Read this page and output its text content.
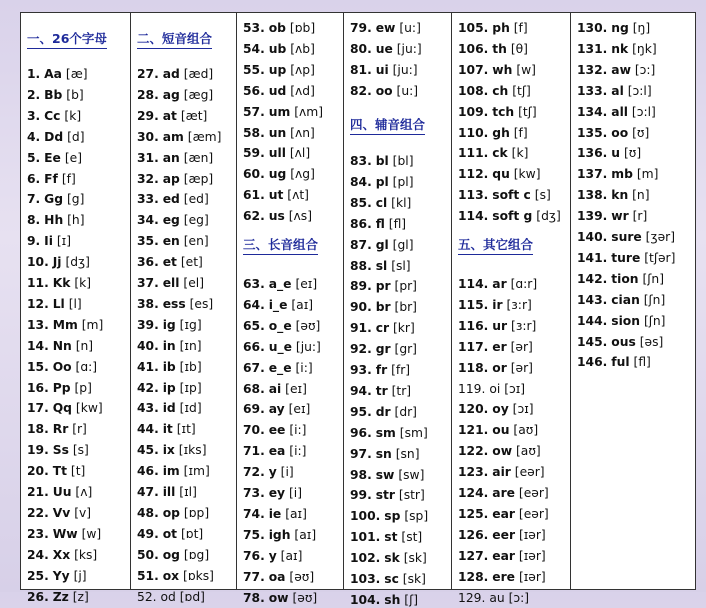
一、26个字母
1. Aa [æ]
2. Bb [b]
3. Cc [k]
4. Dd [d]
5. Ee [e]
6. Ff [f]
7. Gg [g]
8. Hh [h]
9. Ii [ɪ]
10. Jj [dʒ]
11. Kk [k]
12. Ll [l]
13. Mm [m]
14. Nn [n]
15. Oo [ɑ:]
16. Pp [p]
17. Qq [kw]
18. Rr [r]
19. Ss [s]
20. Tt [t]
21. Uu [ʌ]
22. Vv [v]
23. Ww [w]
24. Xx [ks]
25. Yy [j]
26. Zz [z]
二、短音组合
27. ad [æd]
28. ag [æg]
29. at [æt]
30. am [æm]
31. an [æn]
32. ap [æp]
33. ed [ed]
34. eg [eg]
35. en [en]
36. et [et]
37. ell [el]
38. ess [es]
39. ig [ɪg]
40. in [ɪn]
41. ib [ɪb]
42. ip [ɪp]
43. id [ɪd]
44. it [ɪt]
45. ix [ɪks]
46. im [ɪm]
47. ill [ɪl]
48. op [ɒp]
49. ot [ɒt]
50. og [ɒg]
51. ox [ɒks]
52. od [ɒd]
53. ob [ɒb]
54. ub [ʌb]
55. up [ʌp]
56. ud [ʌd]
57. um [ʌm]
58. un [ʌn]
59. ull [ʌl]
60. ug [ʌg]
61. ut [ʌt]
62. us [ʌs]
三、长音组合
63. a_e [eɪ]
64. i_e [aɪ]
65. o_e [əʊ]
66. u_e [ju:]
67. e_e [i:]
68. ai [eɪ]
69. ay [eɪ]
70. ee [i:]
71. ea [i:]
72. y [i]
73. ey [i]
74. ie [aɪ]
75. igh [aɪ]
76. y [aɪ]
77. oa [əʊ]
78. ow [əʊ]
79. ew [u:]
80. ue [ju:]
81. ui [ju:]
82. oo [u:]
四、辅音组合
83. bl [bl]
84. pl [pl]
85. cl [kl]
86. fl [fl]
87. gl [gl]
88. sl [sl]
89. pr [pr]
90. br [br]
91. cr [kr]
92. gr [gr]
93. fr [fr]
94. tr [tr]
95. dr [dr]
96. sm [sm]
97. sn [sn]
98. sw [sw]
99. str [str]
100. sp [sp]
101. st [st]
102. sk [sk]
103. sc [sk]
104. sh [ʃ]
105. ph [f]
106. th [θ]
107. wh [w]
108. ch [tʃ]
109. tch [tʃ]
110. gh [f]
111. ck [k]
112. qu [kw]
113. soft c [s]
114. soft g [dʒ]
五、其它组合
114. ar [ɑ:r]
115. ir [ɜ:r]
116. ur [ɜ:r]
117. er [ər]
118. or [ər]
119. oi [ɔɪ]
120. oy [ɔɪ]
121. ou [aʊ]
122. ow [aʊ]
123. air [eər]
124. are [eər]
125. ear [eər]
126. eer [ɪər]
127. ear [ɪər]
128. ere [ɪər]
129. au [ɔ:]
130. ng [ŋ]
131. nk [ŋk]
132. aw [ɔ:]
133. al [ɔ:l]
134. all [ɔ:l]
135. oo [ʊ]
136. u [ʊ]
137. mb [m]
138. kn [n]
139. wr [r]
140. sure [ʒər]
141. ture [tʃər]
142. tion [ʃn]
143. cian [ʃn]
144. sion [ʃn]
145. ous [əs]
146. ful [fl]
